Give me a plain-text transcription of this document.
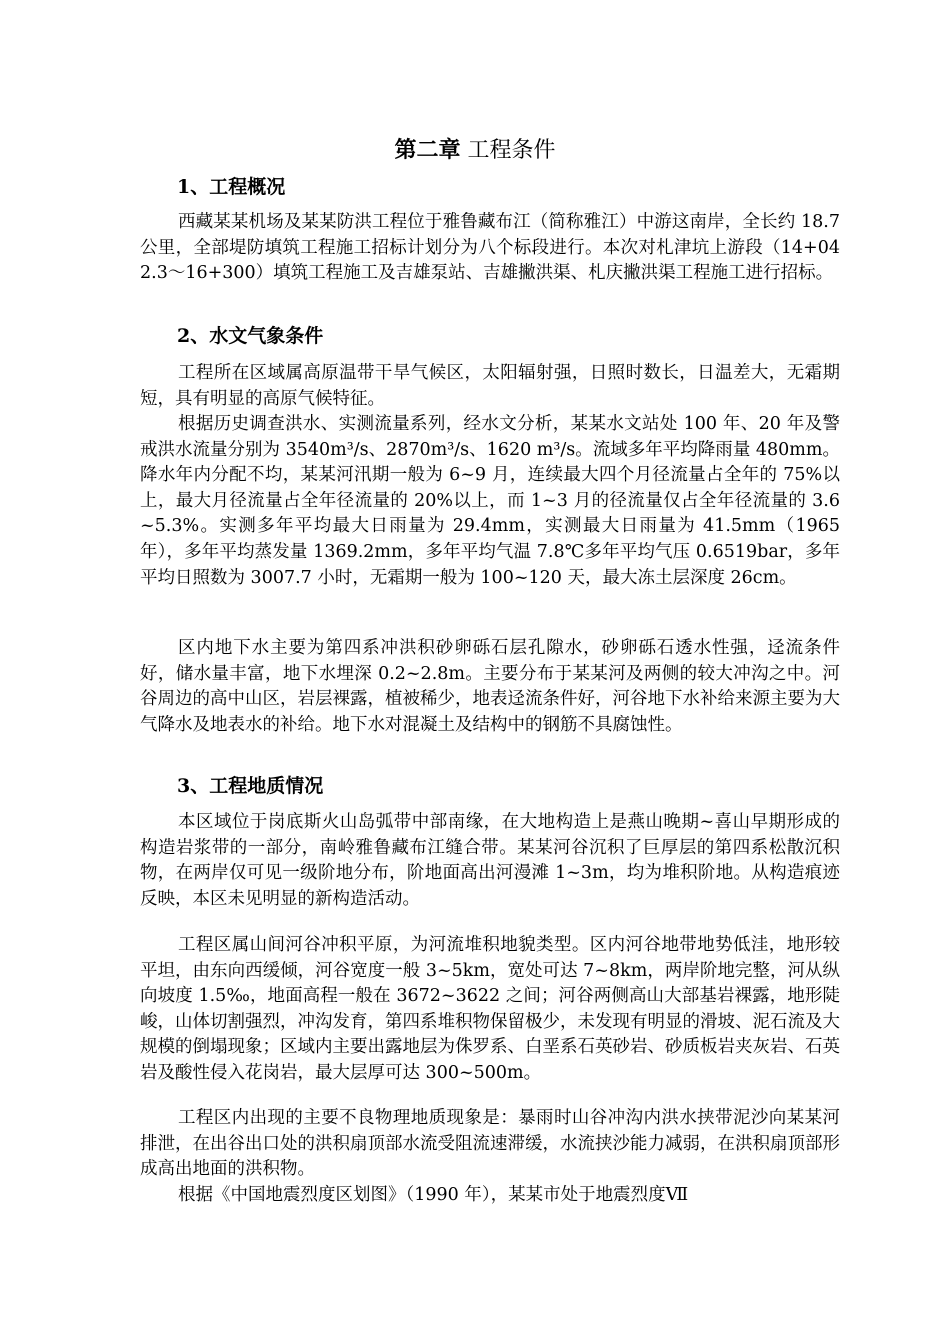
第二章 工程条件
1、工程概况

西藏某某机场及某某防洪工程位于雅鲁藏布江（简称雅江）中游这南岸，全长约 18.7 公里，全部堤防填筑工程施工招标计划分为八个标段进行。本次对札津坑上游段（14+042.3～16+300）填筑工程施工及吉雄泵站、吉雄撇洪渠、札庆撇洪渠工程施工进行招标。

2、水文气象条件

工程所在区域属高原温带干旱气候区，太阳辐射强，日照时数长，日温差大，无霜期短，具有明显的高原气候特征。

根据历史调查洪水、实测流量系列，经水文分析，某某水文站处 100 年、20 年及警戒洪水流量分别为 3540m³/s、2870m³/s、1620 m³/s。流域多年平均降雨量 480mm。降水年内分配不均，某某河汛期一般为 6~9 月，连续最大四个月径流量占全年的 75%以上，最大月径流量占全年径流量的 20%以上，而 1~3 月的径流量仅占全年径流量的 3.6~5.3%。实测多年平均最大日雨量为 29.4mm，实测最大日雨量为 41.5mm（1965 年），多年平均蒸发量 1369.2mm，多年平均气温 7.8℃多年平均气压 0.6519bar，多年平均日照数为 3007.7 小时，无霜期一般为 100~120 天，最大冻土层深度 26cm。

区内地下水主要为第四系冲洪积砂卵砾石层孔隙水，砂卵砾石透水性强，迳流条件好，储水量丰富，地下水埋深 0.2~2.8m。主要分布于某某河及两侧的较大冲沟之中。河谷周边的高中山区，岩层裸露，植被稀少，地表迳流条件好，河谷地下水补给来源主要为大气降水及地表水的补给。地下水对混凝土及结构中的钢筋不具腐蚀性。

3、工程地质情况

本区域位于岗底斯火山岛弧带中部南缘，在大地构造上是燕山晚期~喜山早期形成的构造岩浆带的一部分，南岭雅鲁藏布江缝合带。某某河谷沉积了巨厚层的第四系松散沉积物，在两岸仅可见一级阶地分布，阶地面高出河漫滩 1~3m，均为堆积阶地。从构造痕迹反映，本区未见明显的新构造活动。

工程区属山间河谷冲积平原，为河流堆积地貌类型。区内河谷地带地势低洼，地形较平坦，由东向西缓倾，河谷宽度一般 3~5km，宽处可达 7~8km，两岸阶地完整，河从纵向坡度 1.5‰，地面高程一般在 3672~3622 之间；河谷两侧高山大部基岩裸露，地形陡峻，山体切割强烈，冲沟发育，第四系堆积物保留极少，未发现有明显的滑坡、泥石流及大规模的倒塌现象；区域内主要出露地层为侏罗系、白垩系石英砂岩、砂质板岩夹灰岩、石英岩及酸性侵入花岗岩，最大层厚可达 300~500m。

工程区内出现的主要不良物理地质现象是：暴雨时山谷冲沟内洪水挟带泥沙向某某河排泄，在出谷出口处的洪积扇顶部水流受阻流速滞缓，水流挟沙能力减弱，在洪积扇顶部形成高出地面的洪积物。

根据《中国地震烈度区划图》（1990 年），某某市处于地震烈度Ⅶ
